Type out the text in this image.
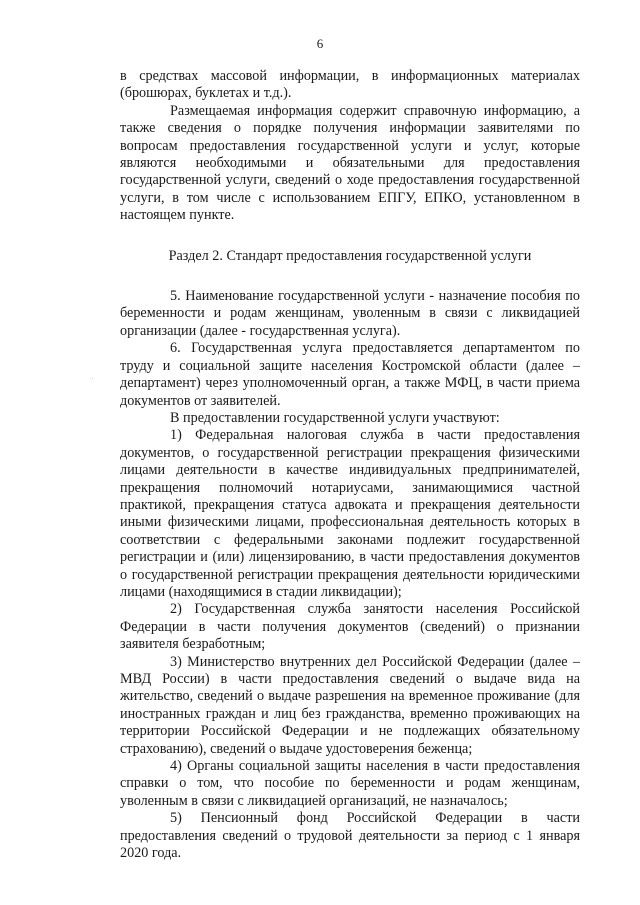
6

в средствах массовой информации, в информационных материалах (брошюрах, буклетах и т.д.).

Размещаемая информация содержит справочную информацию, а также сведения о порядке получения информации заявителями по вопросам предоставления государственной услуги и услуг, которые являются необходимыми и обязательными для предоставления государственной услуги, сведений о ходе предоставления государственной услуги, в том числе с использованием ЕПГУ, ЕПКО, установленном в настоящем пункте.

Раздел 2. Стандарт предоставления государственной услуги

5. Наименование государственной услуги - назначение пособия по беременности и родам женщинам, уволенным в связи с ликвидацией организации (далее - государственная услуга).

6. Государственная услуга предоставляется департаментом по труду и социальной защите населения Костромской области (далее – департамент) через уполномоченный орган, а также МФЦ, в части приема документов от заявителей.

В предоставлении государственной услуги участвуют:

1) Федеральная налоговая служба в части предоставления документов, о государственной регистрации прекращения физическими лицами деятельности в качестве индивидуальных предпринимателей, прекращения полномочий нотариусами, занимающимися частной практикой, прекращения статуса адвоката и прекращения деятельности иными физическими лицами, профессиональная деятельность которых в соответствии с федеральными законами подлежит государственной регистрации и (или) лицензированию, в части предоставления документов о государственной регистрации прекращения деятельности юридическими лицами (находящимися в стадии ликвидации);

2) Государственная служба занятости населения Российской Федерации в части получения документов (сведений) о признании заявителя безработным;

3) Министерство внутренних дел Российской Федерации (далее – МВД России) в части предоставления сведений о выдаче вида на жительство, сведений о выдаче разрешения на временное проживание (для иностранных граждан и лиц без гражданства, временно проживающих на территории Российской Федерации и не подлежащих обязательному страхованию), сведений о выдаче удостоверения беженца;

4) Органы социальной защиты населения в части предоставления справки о том, что пособие по беременности и родам женщинам, уволенным в связи с ликвидацией организаций, не назначалось;

5) Пенсионный фонд Российской Федерации в части предоставления сведений о трудовой деятельности за период с 1 января 2020 года.
